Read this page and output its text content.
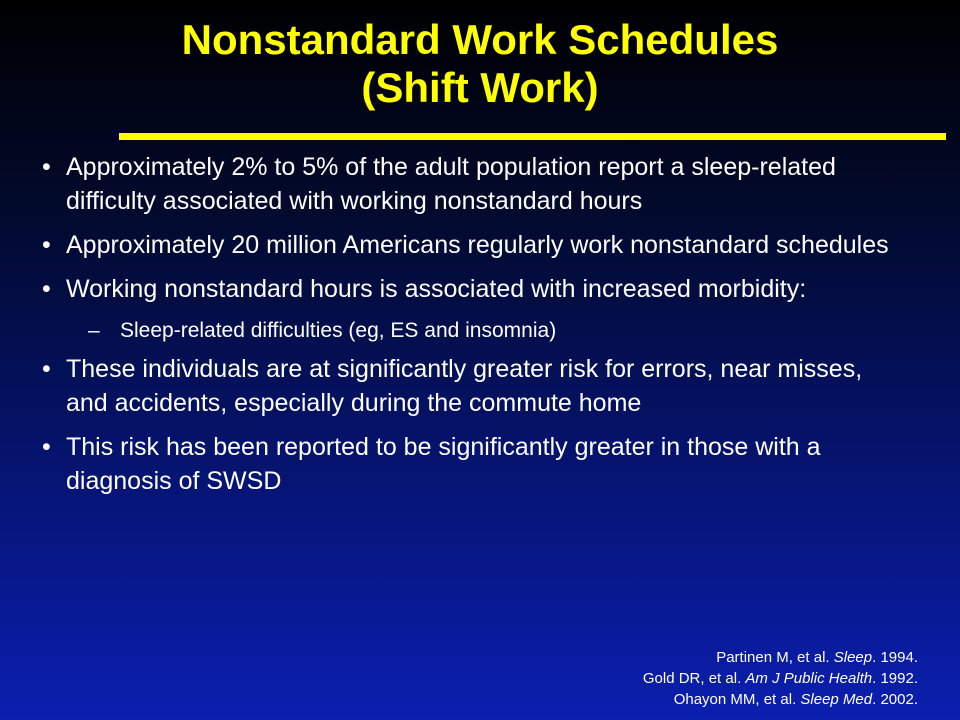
Nonstandard Work Schedules
(Shift Work)
• Approximately 2% to 5% of the adult population report a sleep-related difficulty associated with working nonstandard hours
• Approximately 20 million Americans regularly work nonstandard schedules
• Working nonstandard hours is associated with increased morbidity:
– Sleep-related difficulties (eg, ES and insomnia)
• These individuals are at significantly greater risk for errors, near misses, and accidents, especially during the commute home
• This risk has been reported to be significantly greater in those with a diagnosis of SWSD
Partinen M, et al. Sleep. 1994.
Gold DR, et al. Am J Public Health. 1992.
Ohayon MM, et al. Sleep Med. 2002.
